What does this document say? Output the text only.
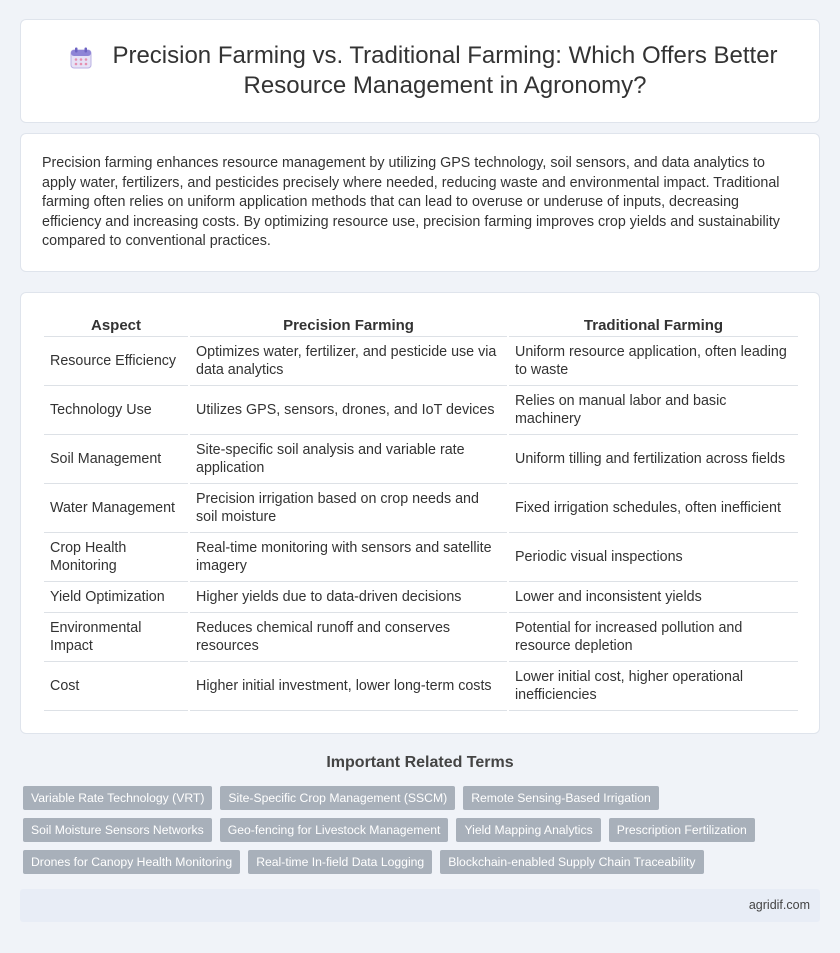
Precision Farming vs. Traditional Farming: Which Offers Better Resource Management in Agronomy?

Precision farming enhances resource management by utilizing GPS technology, soil sensors, and data analytics to apply water, fertilizers, and pesticides precisely where needed, reducing waste and environmental impact. Traditional farming often relies on uniform application methods that can lead to overuse or underuse of inputs, decreasing efficiency and increasing costs. By optimizing resource use, precision farming improves crop yields and sustainability compared to conventional practices.

Aspect	Precision Farming	Traditional Farming
Resource Efficiency	Optimizes water, fertilizer, and pesticide use via data analytics	Uniform resource application, often leading to waste
Technology Use	Utilizes GPS, sensors, drones, and IoT devices	Relies on manual labor and basic machinery
Soil Management	Site-specific soil analysis and variable rate application	Uniform tilling and fertilization across fields
Water Management	Precision irrigation based on crop needs and soil moisture	Fixed irrigation schedules, often inefficient
Crop Health Monitoring	Real-time monitoring with sensors and satellite imagery	Periodic visual inspections
Yield Optimization	Higher yields due to data-driven decisions	Lower and inconsistent yields
Environmental Impact	Reduces chemical runoff and conserves resources	Potential for increased pollution and resource depletion
Cost	Higher initial investment, lower long-term costs	Lower initial cost, higher operational inefficiencies
Important Related Terms
Variable Rate Technology (VRT)	Site-Specific Crop Management (SSCM)	Remote Sensing-Based Irrigation
Soil Moisture Sensors Networks	Geo-fencing for Livestock Management	Yield Mapping Analytics	Prescription Fertilization
Drones for Canopy Health Monitoring	Real-time In-field Data Logging	Blockchain-enabled Supply Chain Traceability
agridif.com
